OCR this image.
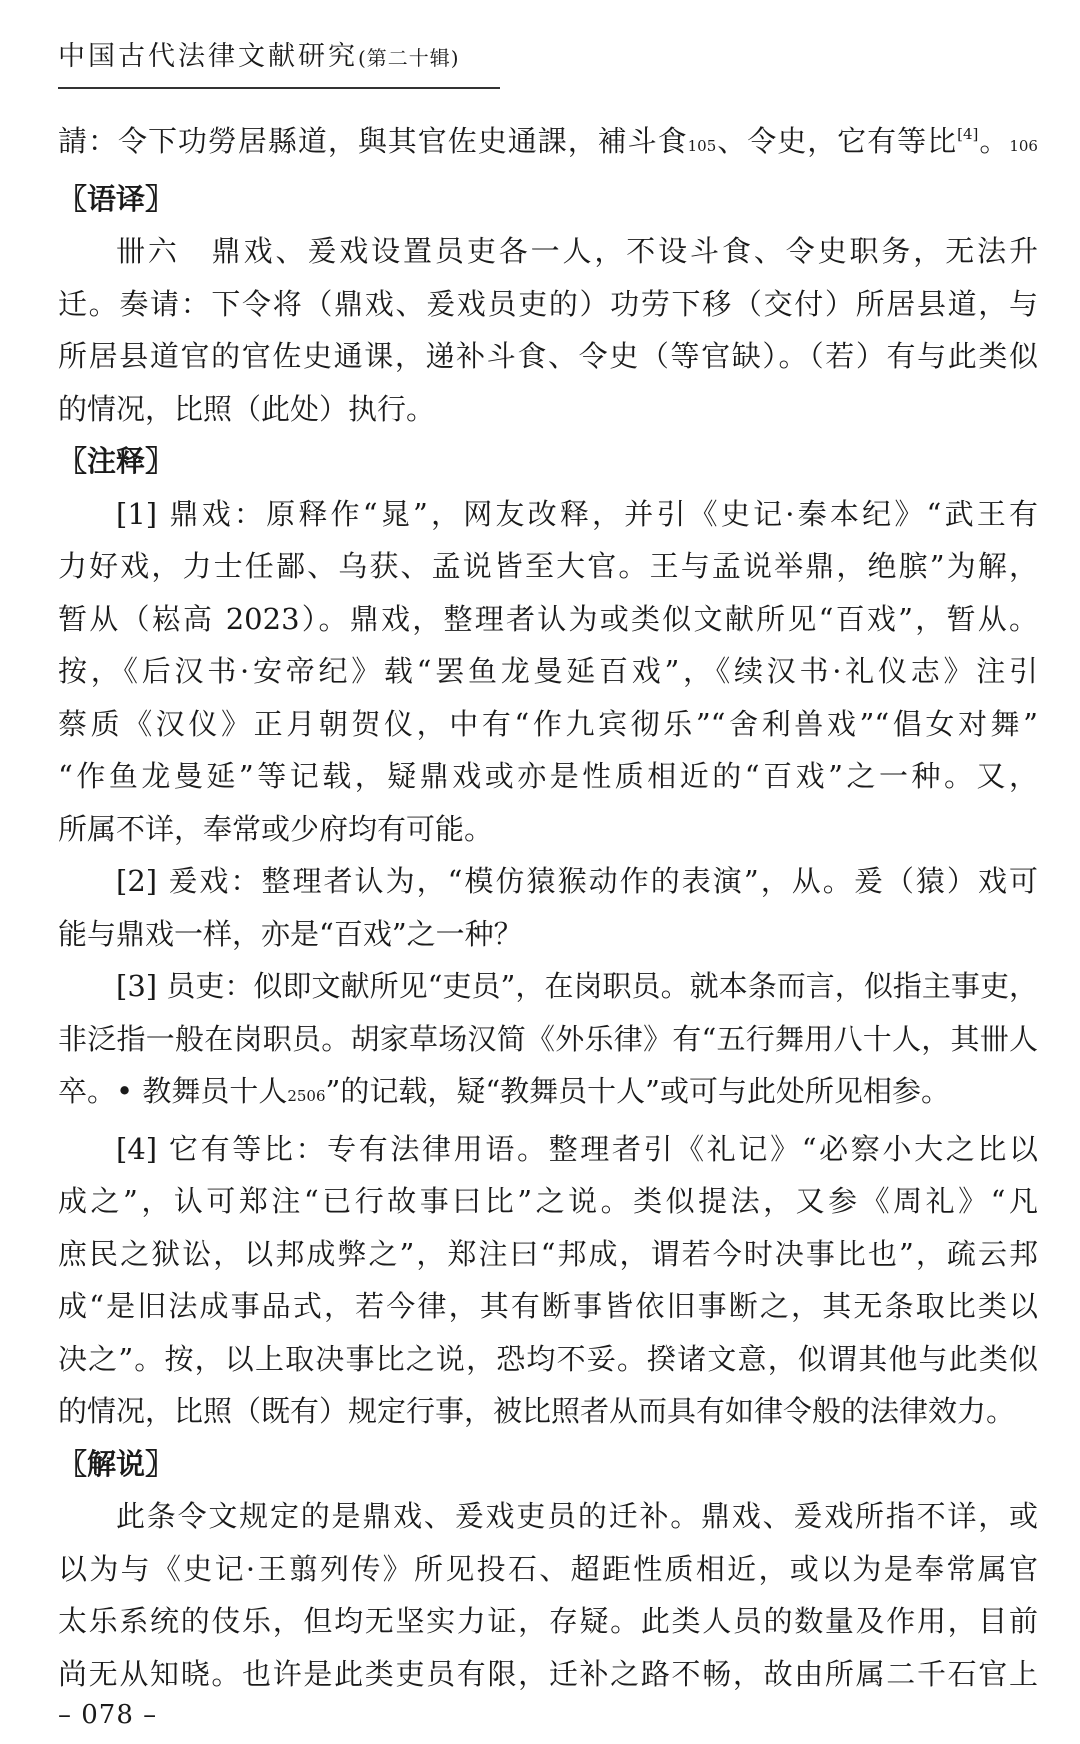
中国古代法律文献研究(第二十辑)

請：令下功勞居縣道，與其官佐史通課，補斗食105、令史，它有等比[4]。106

〖语译〗

卌六　鼎戏、爰戏设置员吏各一人，不设斗食、令史职务，无法升

迁。奏请：下令将（鼎戏、爰戏员吏的）功劳下移（交付）所居县道，与

所居县道官的官佐史通课，递补斗食、令史（等官缺）。（若）有与此类似

的情况，比照（此处）执行。

〖注释〗

[1] 鼎戏：原释作“晁”，网友改释，并引《史记·秦本纪》“武王有

力好戏，力士任鄙、乌获、孟说皆至大官。王与孟说举鼎，绝膑”为解，

暂从（崧高 2023）。鼎戏，整理者认为或类似文献所见“百戏”，暂从。

按，《后汉书·安帝纪》载“罢鱼龙曼延百戏”，《续汉书·礼仪志》注引

蔡质《汉仪》正月朝贺仪，中有“作九宾彻乐”“舍利兽戏”“倡女对舞”

“作鱼龙曼延”等记载，疑鼎戏或亦是性质相近的“百戏”之一种。又，

所属不详，奉常或少府均有可能。

[2] 爰戏：整理者认为，“模仿猿猴动作的表演”，从。爰（猿）戏可

能与鼎戏一样，亦是“百戏”之一种？

[3] 员吏：似即文献所见“吏员”，在岗职员。就本条而言，似指主事吏，

非泛指一般在岗职员。胡家草场汉简《外乐律》有“五行舞用八十人，其卌人

卒。• 教舞员十人2506”的记载，疑“教舞员十人”或可与此处所见相参。

[4] 它有等比：专有法律用语。整理者引《礼记》“必察小大之比以

成之”，认可郑注“已行故事曰比”之说。类似提法，又参《周礼》“凡

庶民之狱讼，以邦成弊之”，郑注曰“邦成，谓若今时决事比也”，疏云邦

成“是旧法成事品式，若今律，其有断事皆依旧事断之，其无条取比类以

决之”。按，以上取决事比之说，恐均不妥。揆诸文意，似谓其他与此类似

的情况，比照（既有）规定行事，被比照者从而具有如律令般的法律效力。

〖解说〗

此条令文规定的是鼎戏、爰戏吏员的迁补。鼎戏、爰戏所指不详，或

以为与《史记·王翦列传》所见投石、超距性质相近，或以为是奉常属官

太乐系统的伎乐，但均无坚实力证，存疑。此类人员的数量及作用，目前

尚无从知晓。也许是此类吏员有限，迁补之路不畅，故由所属二千石官上

– 078 –
